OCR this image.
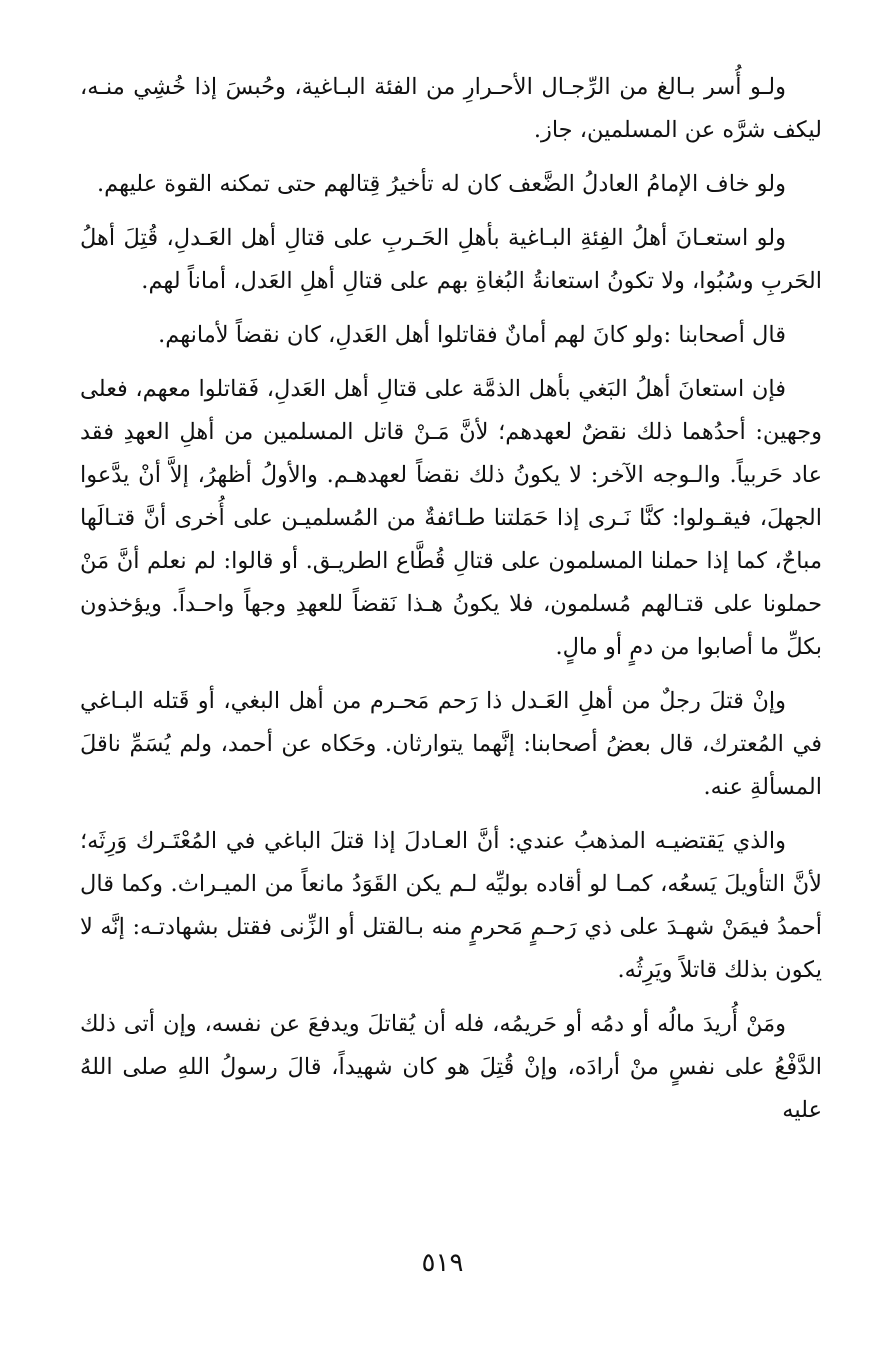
ولـو أُسر بـالغ من الرِّجـال الأحـرارِ من الفئة البـاغية، وحُبسَ إذا خُشِي منـه، ليكف شرَّه عن المسلمين، جاز.

ولو خاف الإمامُ العادلُ الضَّعف كان له تأخيرُ قِتالهم حتى تمكنه القوة عليهم.

ولو استعـانَ أهلُ الفِئةِ البـاغية بأهلِ الحَـربِ على قتالِ أهل العَـدلِ، قُتِلَ أهلُ الحَربِ وسُبُوا، ولا تكونُ استعانةُ البُغاةِ بهم على قتالِ أهلِ العَدل، أماناً لهم.

قال أصحابنا :ولو كانَ لهم أمانٌ فقاتلوا أهل العَدلِ، كان نقضاً لأمانهم.

فإن استعانَ أهلُ البَغي بأهل الذمَّة على قتالِ أهل العَدلِ، فَقاتلوا معهم، فعلى وجهين: أحدُهما ذلك نقضٌ لعهدهم؛ لأنَّ مَـنْ قاتل المسلمين من أهلِ العهدِ فقد عاد حَربياً. والـوجه الآخر: لا يكونُ ذلك نقضاً لعهدهـم. والأولُ أظهرُ، إلاَّ أنْ يدَّعوا الجهلَ، فيقـولوا: كنَّا نَـرى إذا حَمَلتنا طـائفةٌ من المُسلميـن على أُخرى أنَّ قتـالَها مباحٌ، كما إذا حملنا المسلمون على قتالِ قُطَّاع الطريـق. أو قالوا: لم نعلم أنَّ مَنْ حملونا على قتـالهم مُسلمون، فلا يكونُ هـذا نَقضاً للعهدِ وجهاً واحـداً. ويؤخذون بكلِّ ما أصابوا من دمٍ أو مالٍ.

وإنْ قتلَ رجلٌ من أهلِ العَـدل ذا رَحم مَحـرم من أهل البغي، أو قَتله البـاغي في المُعترك، قال بعضُ أصحابنا: إنَّهما يتوارثان. وحَكاه عن أحمد، ولم يُسَمِّ ناقلَ المسألةِ عنه.

والذي يَقتضيـه المذهبُ عندي: أنَّ العـادلَ إذا قتلَ الباغي في المُعْتَـرك وَرِثَه؛ لأنَّ التأويلَ يَسعُه، كمـا لو أقاده بوليِّه لـم يكن القَوَدُ مانعاً من الميـراث. وكما قال أحمدُ فيمَنْ شهـدَ على ذي رَحـمٍ مَحرمٍ منه بـالقتل أو الزِّنى فقتل بشهادتـه: إنَّه لا يكون بذلك قاتلاً ويَرِثُه.

ومَنْ أُريدَ مالُه أو دمُه أو حَريمُه، فله أن يُقاتلَ ويدفعَ عن نفسه، وإن أتى ذلك الدَّفْعُ على نفسٍ منْ أرادَه، وإنْ قُتِلَ هو كان شهيداً، قالَ رسولُ اللهِ صلى اللهُ عليه

٥١٩
